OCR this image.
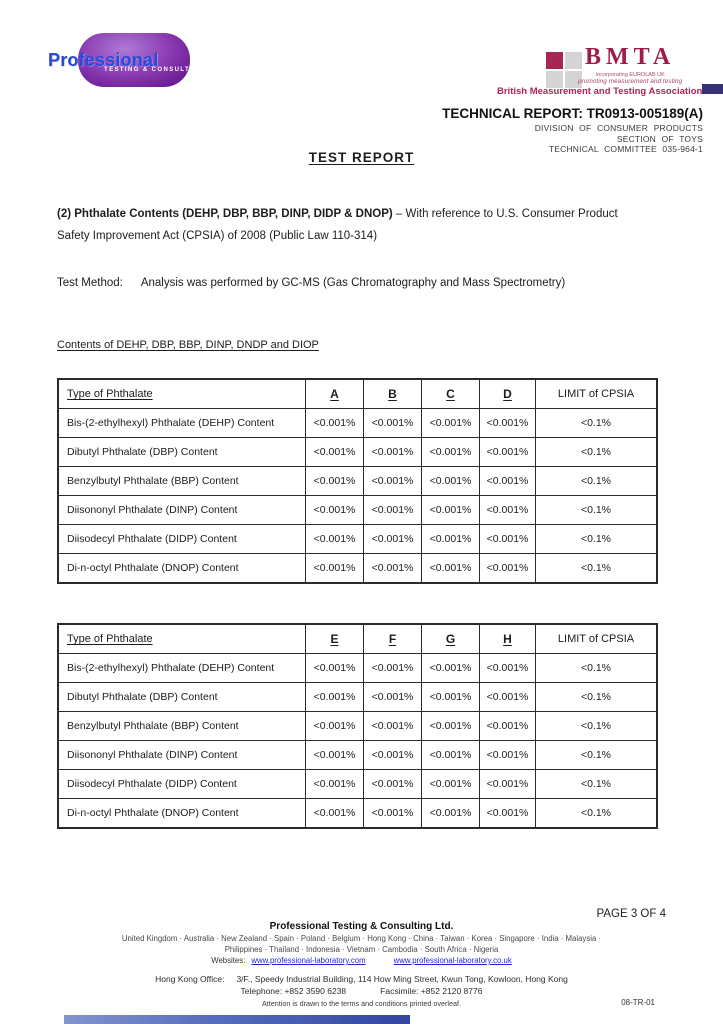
Professional
TESTING & CONSULTING	BMTA
incorporating EUROLAB UK
promoting measurement and testing
British Measurement and Testing Association
TECHNICAL REPORT: TR0913-005189(A)
DIVISION OF CONSUMER PRODUCTS
SECTION OF TOYS
TECHNICAL COMMITTEE 035-964-1
TEST REPORT
(2) Phthalate Contents (DEHP, DBP, BBP, DINP, DIDP & DNOP) – With reference to U.S. Consumer Product
Safety Improvement Act (CPSIA) of 2008 (Public Law 110-314)
Test Method: Analysis was performed by GC-MS (Gas Chromatography and Mass Spectrometry)
Contents of DEHP, DBP, BBP, DINP, DNDP and DIOP
Type of Phthalate	A	B	C	D	LIMIT of CPSIA
Bis-(2-ethylhexyl) Phthalate (DEHP) Content	<0.001%	<0.001%	<0.001%	<0.001%	<0.1%
Dibutyl Phthalate (DBP) Content	<0.001%	<0.001%	<0.001%	<0.001%	<0.1%
Benzylbutyl Phthalate (BBP) Content	<0.001%	<0.001%	<0.001%	<0.001%	<0.1%
Diisononyl Phthalate (DINP) Content	<0.001%	<0.001%	<0.001%	<0.001%	<0.1%
Diisodecyl Phthalate (DIDP) Content	<0.001%	<0.001%	<0.001%	<0.001%	<0.1%
Di-n-octyl Phthalate (DNOP) Content	<0.001%	<0.001%	<0.001%	<0.001%	<0.1%
Type of Phthalate	E	F	G	H	LIMIT of CPSIA
Bis-(2-ethylhexyl) Phthalate (DEHP) Content	<0.001%	<0.001%	<0.001%	<0.001%	<0.1%
Dibutyl Phthalate (DBP) Content	<0.001%	<0.001%	<0.001%	<0.001%	<0.1%
Benzylbutyl Phthalate (BBP) Content	<0.001%	<0.001%	<0.001%	<0.001%	<0.1%
Diisononyl Phthalate (DINP) Content	<0.001%	<0.001%	<0.001%	<0.001%	<0.1%
Diisodecyl Phthalate (DIDP) Content	<0.001%	<0.001%	<0.001%	<0.001%	<0.1%
Di-n-octyl Phthalate (DNOP) Content	<0.001%	<0.001%	<0.001%	<0.001%	<0.1%
PAGE 3 OF 4
Professional Testing & Consulting Ltd.
United Kingdom · Australia · New Zealand · Spain · Poland · Belgium · Hong Kong · China · Taiwan · Korea · Singapore · India · Malaysia ·
Philippines · Thailand · Indonesia · Vietnam · Cambodia · South Africa · Nigeria
Websites: www.professional-laboratory.com	www.professional-laboratory.co.uk
Hong Kong Office: 3/F., Speedy Industrial Building, 114 How Ming Street, Kwun Tong, Kowloon, Hong Kong
Telephone: +852 3590 6238	Facsimile: +852 2120 8776
Attention is drawn to the terms and conditions printed overleaf.	08-TR-01
